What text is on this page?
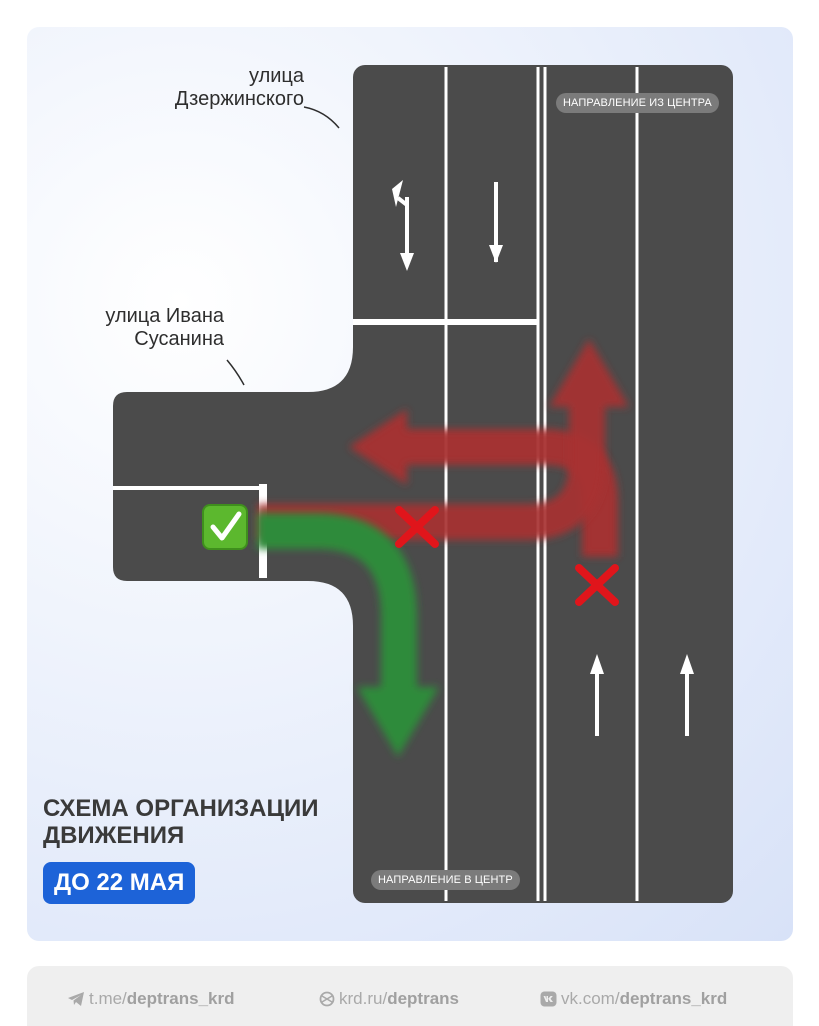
улица
Дзержинского
улица Ивана
Сусанина
НАПРАВЛЕНИЕ ИЗ ЦЕНТРА
НАПРАВЛЕНИЕ В ЦЕНТР
СХЕМА ОРГАНИЗАЦИИ
ДВИЖЕНИЯ
ДО 22 МАЯ
t.me/ deptrans_krd	krd.ru/ deptrans	vk.com/ deptrans_krd
